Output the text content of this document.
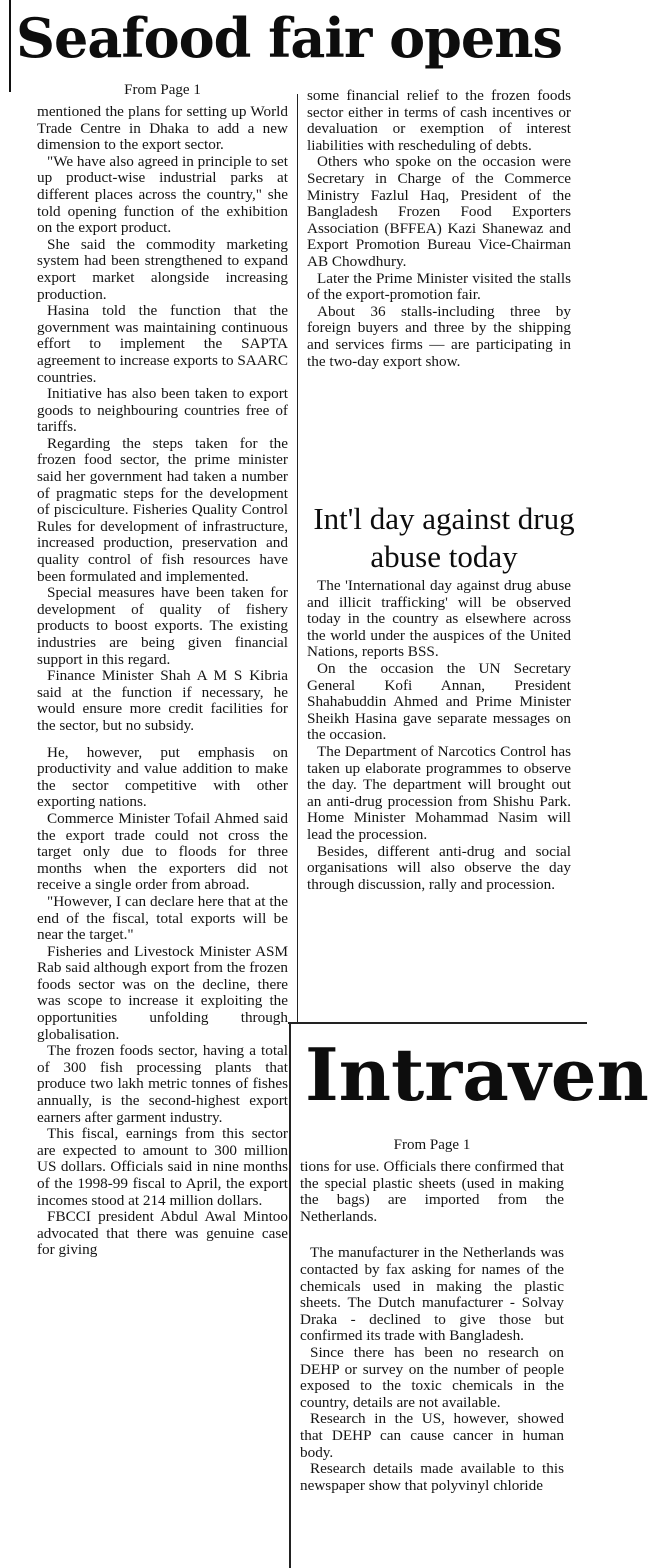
Seafood fair opens
From Page 1

mentioned the plans for setting up World Trade Centre in Dhaka to add a new dimension to the export sector.

"We have also agreed in principle to set up product-wise industrial parks at different places across the country," she told opening function of the exhibition on the export product.

She said the commodity marketing system had been strengthened to expand export market alongside increasing production.

Hasina told the function that the government was maintaining continuous effort to implement the SAPTA agreement to increase exports to SAARC countries.

Initiative has also been taken to export goods to neighbouring countries free of tariffs.

Regarding the steps taken for the frozen food sector, the prime minister said her government had taken a number of pragmatic steps for the development of pisciculture. Fisheries Quality Control Rules for development of infrastructure, increased production, preservation and quality control of fish resources have been formulated and implemented.

Special measures have been taken for development of quality of fishery products to boost exports. The existing industries are being given financial support in this regard.

Finance Minister Shah A M S Kibria said at the function if necessary, he would ensure more credit facilities for the sector, but no subsidy.

He, however, put emphasis on productivity and value addition to make the sector competitive with other exporting nations.

Commerce Minister Tofail Ahmed said the export trade could not cross the target only due to floods for three months when the exporters did not receive a single order from abroad.

"However, I can declare here that at the end of the fiscal, total exports will be near the target."

Fisheries and Livestock Minister ASM Rab said although export from the frozen foods sector was on the decline, there was scope to increase it exploiting the opportunities unfolding through globalisation.

The frozen foods sector, having a total of 300 fish processing plants that produce two lakh metric tonnes of fishes annually, is the second-highest export earners after garment industry.

This fiscal, earnings from this sector are expected to amount to 300 million US dollars. Officials said in nine months of the 1998-99 fiscal to April, the export incomes stood at 214 million dollars.

FBCCI president Abdul Awal Mintoo advocated that there was genuine case for giving

some financial relief to the frozen foods sector either in terms of cash incentives or devaluation or exemption of interest liabilities with rescheduling of debts.

Others who spoke on the occasion were Secretary in Charge of the Commerce Ministry Fazlul Haq, President of the Bangladesh Frozen Food Exporters Association (BFFEA) Kazi Shanewaz and Export Promotion Bureau Vice-Chairman AB Chowdhury.

Later the Prime Minister visited the stalls of the export-promotion fair.

About 36 stalls-including three by foreign buyers and three by the shipping and services firms — are participating in the two-day export show.

Int'l day against drug abuse today

The 'International day against drug abuse and illicit trafficking' will be observed today in the country as elsewhere across the world under the auspices of the United Nations, reports BSS.

On the occasion the UN Secretary General Kofi Annan, President Shahabuddin Ahmed and Prime Minister Sheikh Hasina gave separate messages on the occasion.

The Department of Narcotics Control has taken up elaborate programmes to observe the day. The department will brought out an anti-drug procession from Shishu Park. Home Minister Mohammad Nasim will lead the procession.

Besides, different anti-drug and social organisations will also observe the day through discussion, rally and procession.

Intraven
From Page 1

tions for use. Officials there confirmed that the special plastic sheets (used in making the bags) are imported from the Netherlands.

The manufacturer in the Netherlands was contacted by fax asking for names of the chemicals used in making the plastic sheets. The Dutch manufacturer - Solvay Draka - declined to give those but confirmed its trade with Bangladesh.

Since there has been no research on DEHP or survey on the number of people exposed to the toxic chemicals in the country, details are not available.

Research in the US, however, showed that DEHP can cause cancer in human body.

Research details made available to this newspaper show that polyvinyl chloride
